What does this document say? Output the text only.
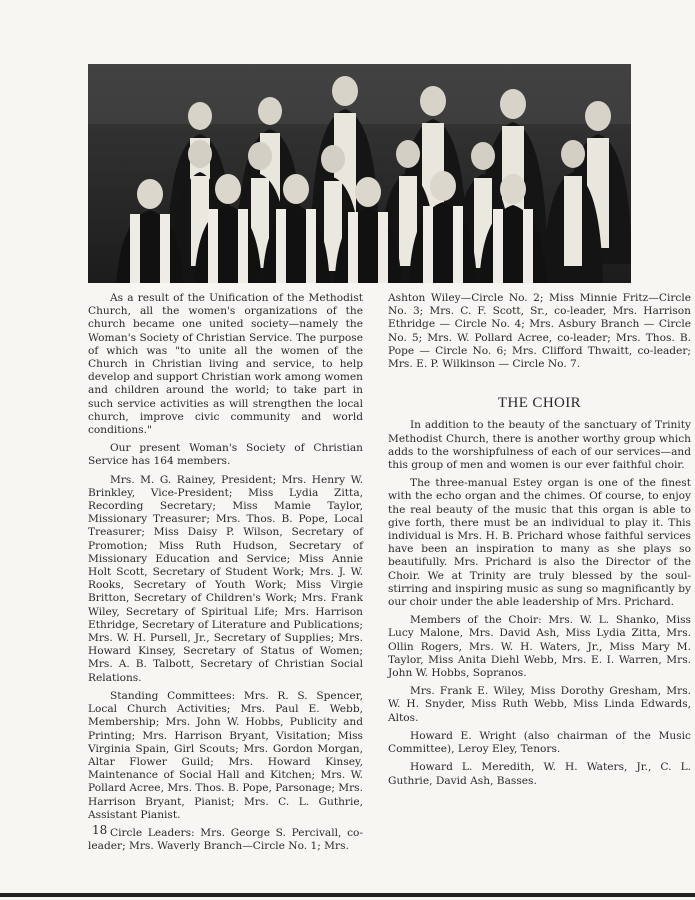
As a result of the Unification of the Methodist Church, all the women's organizations of the church became one united society—namely the Woman's Society of Christian Service. The purpose of which was "to unite all the women of the Church in Christian living and service, to help develop and support Christian work among women and children around the world; to take part in such service activities as will strengthen the local church, improve civic community and world conditions."

Our present Woman's Society of Christian Service has 164 members.

Mrs. M. G. Rainey, President; Mrs. Henry W. Brinkley, Vice-President; Miss Lydia Zitta, Recording Secretary; Miss Mamie Taylor, Missionary Treasurer; Mrs. Thos. B. Pope, Local Treasurer; Miss Daisy P. Wilson, Secretary of Promotion; Miss Ruth Hudson, Secretary of Missionary Education and Service; Miss Annie Holt Scott, Secretary of Student Work; Mrs. J. W. Rooks, Secretary of Youth Work; Miss Virgie Britton, Secretary of Children's Work; Mrs. Frank Wiley, Secretary of Spiritual Life; Mrs. Harrison Ethridge, Secretary of Literature and Publications; Mrs. W. H. Pursell, Jr., Secretary of Supplies; Mrs. Howard Kinsey, Secretary of Status of Women; Mrs. A. B. Talbott, Secretary of Christian Social Relations.

Standing Committees: Mrs. R. S. Spencer, Local Church Activities; Mrs. Paul E. Webb, Membership; Mrs. John W. Hobbs, Publicity and Printing; Mrs. Harrison Bryant, Visitation; Miss Virginia Spain, Girl Scouts; Mrs. Gordon Morgan, Altar Flower Guild; Mrs. Howard Kinsey, Maintenance of Social Hall and Kitchen; Mrs. W. Pollard Acree, Mrs. Thos. B. Pope, Parsonage; Mrs. Harrison Bryant, Pianist; Mrs. C. L. Guthrie, Assistant Pianist.

Circle Leaders: Mrs. George S. Percivall, co-leader; Mrs. Waverly Branch—Circle No. 1; Mrs.

Ashton Wiley—Circle No. 2; Miss Minnie Fritz—Circle No. 3; Mrs. C. F. Scott, Sr., co-leader, Mrs. Harrison Ethridge — Circle No. 4; Mrs. Asbury Branch — Circle No. 5; Mrs. W. Pollard Acree, co-leader; Mrs. Thos. B. Pope — Circle No. 6; Mrs. Clifford Thwaitt, co-leader; Mrs. E. P. Wilkinson — Circle No. 7.

THE CHOIR

In addition to the beauty of the sanctuary of Trinity Methodist Church, there is another worthy group which adds to the worshipfulness of each of our services—and this group of men and women is our ever faithful choir.

The three-manual Estey organ is one of the finest with the echo organ and the chimes. Of course, to enjoy the real beauty of the music that this organ is able to give forth, there must be an individual to play it. This individual is Mrs. H. B. Prichard whose faithful services have been an inspiration to many as she plays so beautifully. Mrs. Prichard is also the Director of the Choir. We at Trinity are truly blessed by the soul-stirring and inspiring music as sung so magnificantly by our choir under the able leadership of Mrs. Prichard.

Members of the Choir: Mrs. W. L. Shanko, Miss Lucy Malone, Mrs. David Ash, Miss Lydia Zitta, Mrs. Ollin Rogers, Mrs. W. H. Waters, Jr., Miss Mary M. Taylor, Miss Anita Diehl Webb, Mrs. E. I. Warren, Mrs. John W. Hobbs, Sopranos.

Mrs. Frank E. Wiley, Miss Dorothy Gresham, Mrs. W. H. Snyder, Miss Ruth Webb, Miss Linda Edwards, Altos.

Howard E. Wright (also chairman of the Music Committee), Leroy Eley, Tenors.

Howard L. Meredith, W. H. Waters, Jr., C. L. Guthrie, David Ash, Basses.

18
